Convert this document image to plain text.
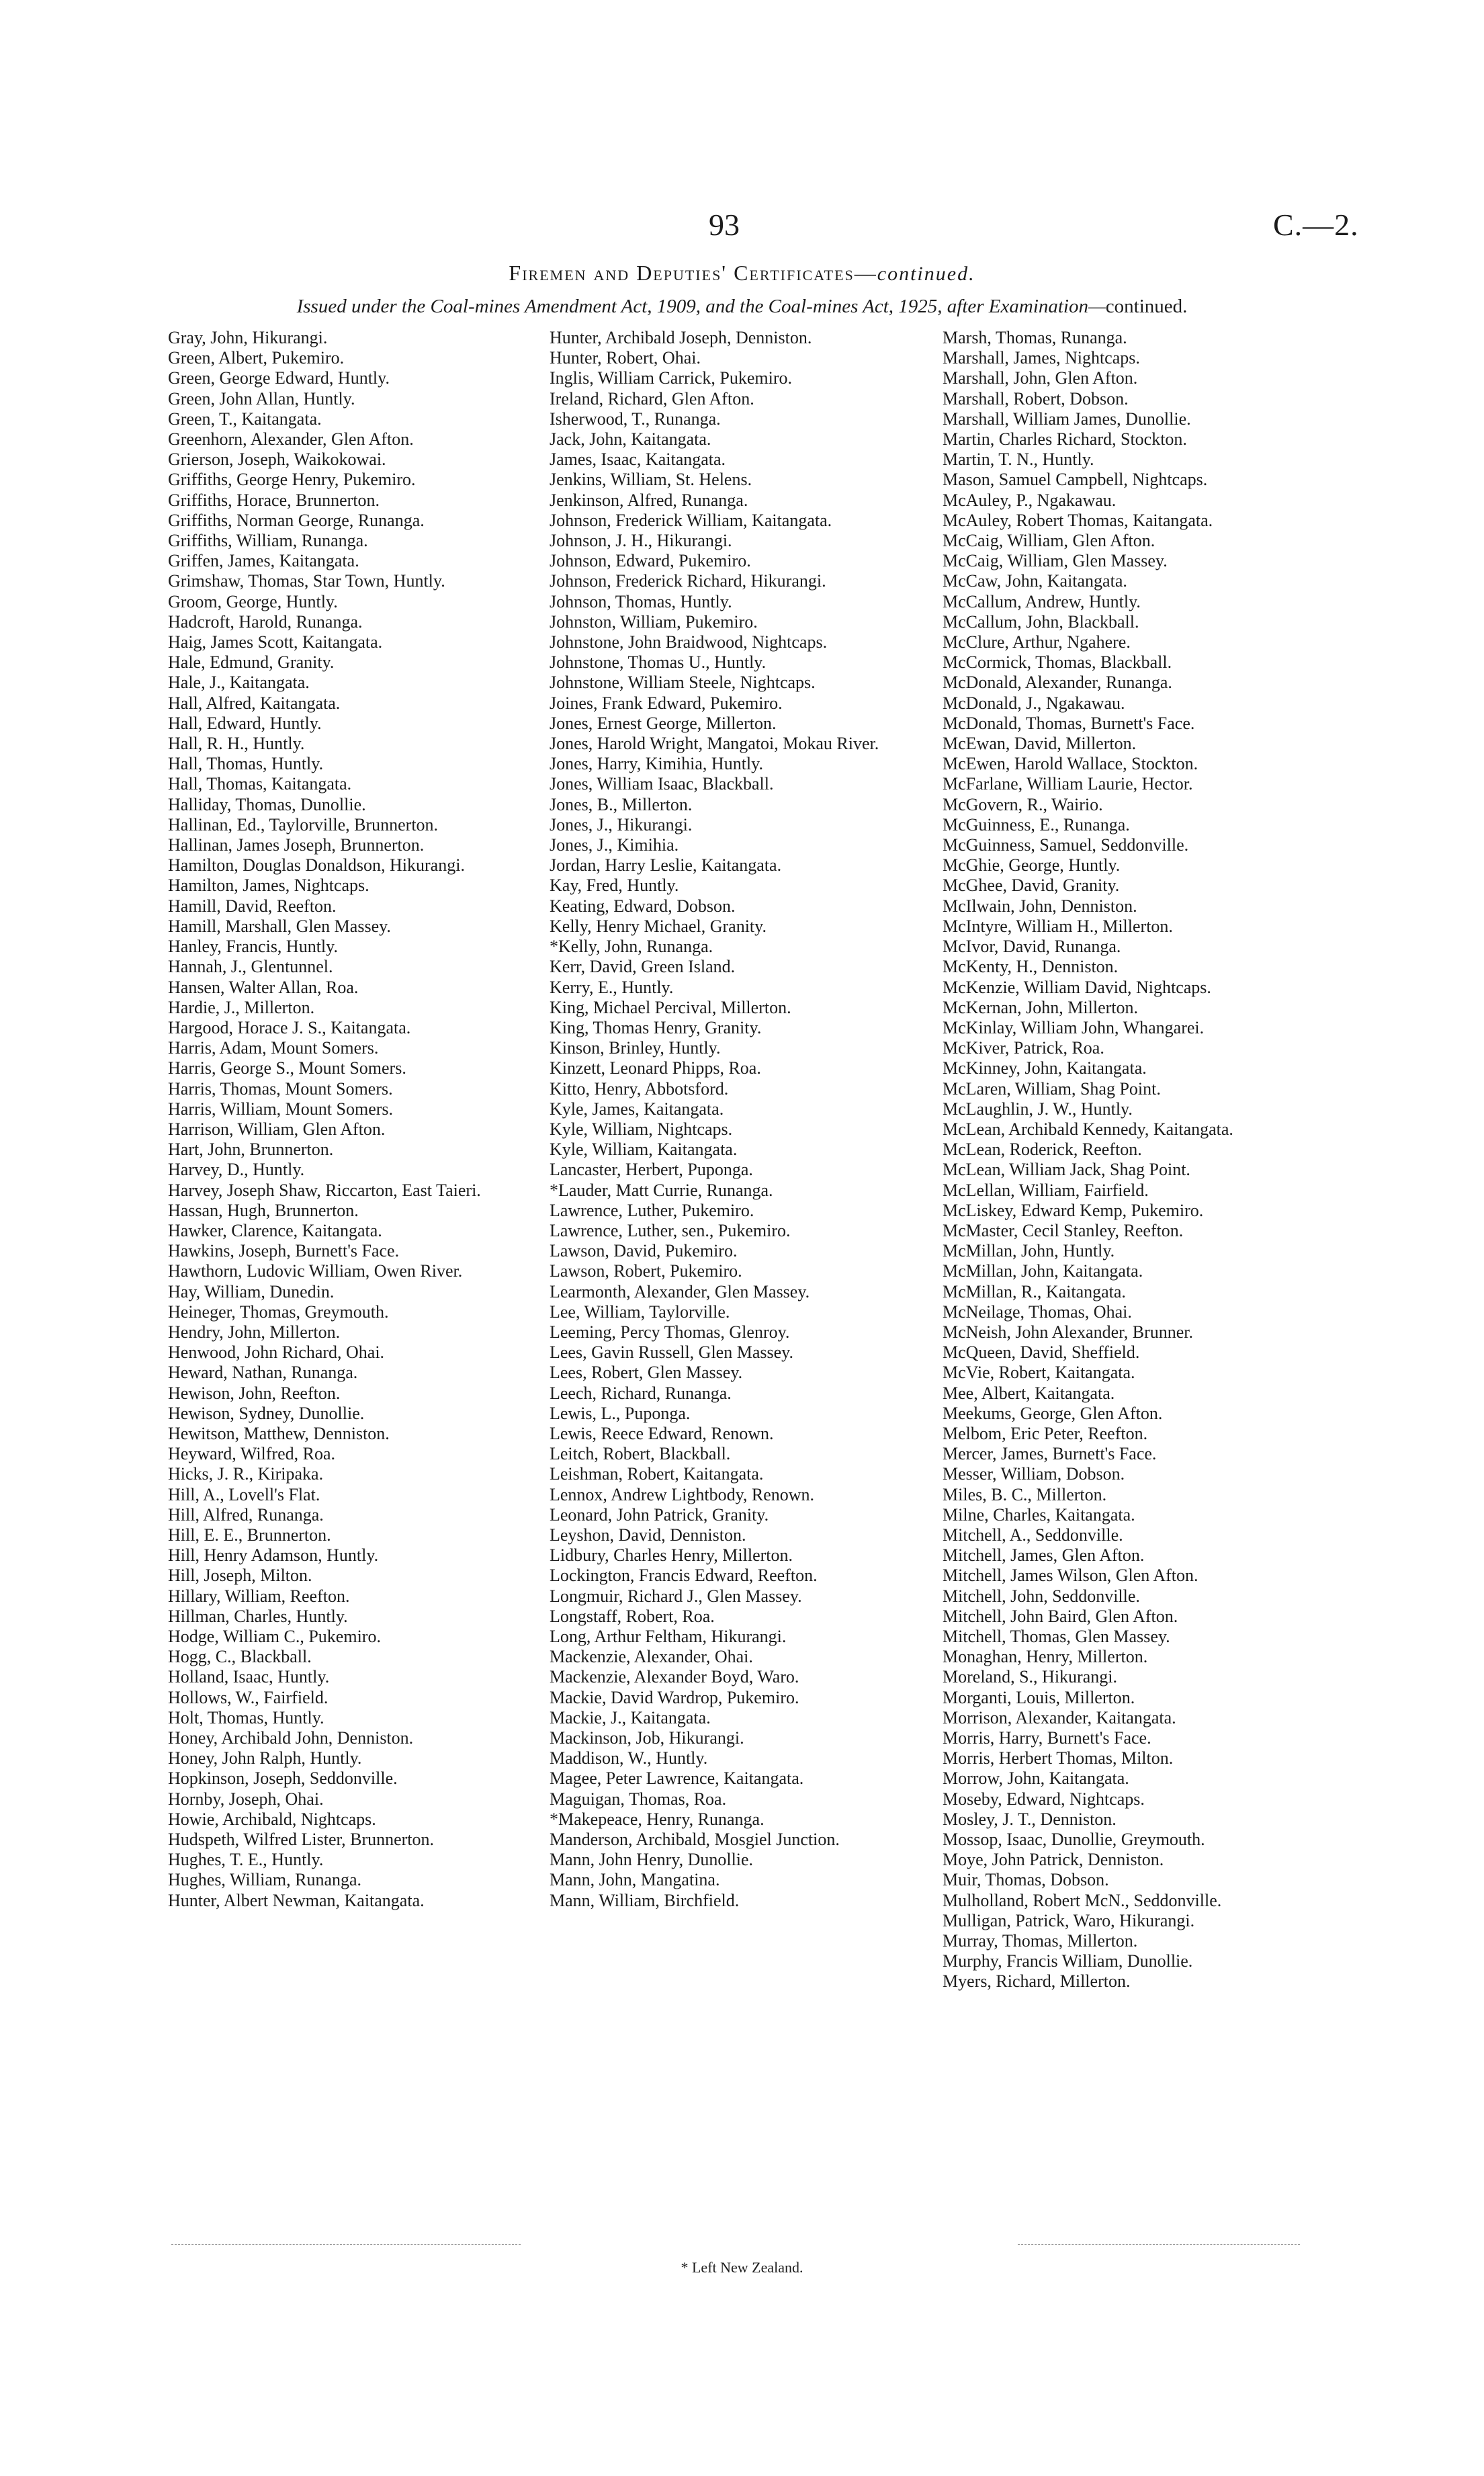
93	C.—2.
Firemen and Deputies' Certificates—continued.
Issued under the Coal-mines Amendment Act, 1909, and the Coal-mines Act, 1925, after Examination—continued.
Gray, John, Hikurangi.
Green, Albert, Pukemiro.
Green, George Edward, Huntly.
Green, John Allan, Huntly.
Green, T., Kaitangata.
Greenhorn, Alexander, Glen Afton.
Grierson, Joseph, Waikokowai.
Griffiths, George Henry, Pukemiro.
Griffiths, Horace, Brunnerton.
Griffiths, Norman George, Runanga.
Griffiths, William, Runanga.
Griffen, James, Kaitangata.
Grimshaw, Thomas, Star Town, Huntly.
Groom, George, Huntly.
Hadcroft, Harold, Runanga.
Haig, James Scott, Kaitangata.
Hale, Edmund, Granity.
Hale, J., Kaitangata.
Hall, Alfred, Kaitangata.
Hall, Edward, Huntly.
Hall, R. H., Huntly.
Hall, Thomas, Huntly.
Hall, Thomas, Kaitangata.
Halliday, Thomas, Dunollie.
Hallinan, Ed., Taylorville, Brunnerton.
Hallinan, James Joseph, Brunnerton.
Hamilton, Douglas Donaldson, Hikurangi.
Hamilton, James, Nightcaps.
Hamill, David, Reefton.
Hamill, Marshall, Glen Massey.
Hanley, Francis, Huntly.
Hannah, J., Glentunnel.
Hansen, Walter Allan, Roa.
Hardie, J., Millerton.
Hargood, Horace J. S., Kaitangata.
Harris, Adam, Mount Somers.
Harris, George S., Mount Somers.
Harris, Thomas, Mount Somers.
Harris, William, Mount Somers.
Harrison, William, Glen Afton.
Hart, John, Brunnerton.
Harvey, D., Huntly.
Harvey, Joseph Shaw, Riccarton, East Taieri.
Hassan, Hugh, Brunnerton.
Hawker, Clarence, Kaitangata.
Hawkins, Joseph, Burnett's Face.
Hawthorn, Ludovic William, Owen River.
Hay, William, Dunedin.
Heineger, Thomas, Greymouth.
Hendry, John, Millerton.
Henwood, John Richard, Ohai.
Heward, Nathan, Runanga.
Hewison, John, Reefton.
Hewison, Sydney, Dunollie.
Hewitson, Matthew, Denniston.
Heyward, Wilfred, Roa.
Hicks, J. R., Kiripaka.
Hill, A., Lovell's Flat.
Hill, Alfred, Runanga.
Hill, E. E., Brunnerton.
Hill, Henry Adamson, Huntly.
Hill, Joseph, Milton.
Hillary, William, Reefton.
Hillman, Charles, Huntly.
Hodge, William C., Pukemiro.
Hogg, C., Blackball.
Holland, Isaac, Huntly.
Hollows, W., Fairfield.
Holt, Thomas, Huntly.
Honey, Archibald John, Denniston.
Honey, John Ralph, Huntly.
Hopkinson, Joseph, Seddonville.
Hornby, Joseph, Ohai.
Howie, Archibald, Nightcaps.
Hudspeth, Wilfred Lister, Brunnerton.
Hughes, T. E., Huntly.
Hughes, William, Runanga.
Hunter, Albert Newman, Kaitangata.
Hunter, Archibald Joseph, Denniston.
Hunter, Robert, Ohai.
Inglis, William Carrick, Pukemiro.
Ireland, Richard, Glen Afton.
Isherwood, T., Runanga.
Jack, John, Kaitangata.
James, Isaac, Kaitangata.
Jenkins, William, St. Helens.
Jenkinson, Alfred, Runanga.
Johnson, Frederick William, Kaitangata.
Johnson, J. H., Hikurangi.
Johnson, Edward, Pukemiro.
Johnson, Frederick Richard, Hikurangi.
Johnson, Thomas, Huntly.
Johnston, William, Pukemiro.
Johnstone, John Braidwood, Nightcaps.
Johnstone, Thomas U., Huntly.
Johnstone, William Steele, Nightcaps.
Joines, Frank Edward, Pukemiro.
Jones, Ernest George, Millerton.
Jones, Harold Wright, Mangatoi, Mokau River.
Jones, Harry, Kimihia, Huntly.
Jones, William Isaac, Blackball.
Jones, B., Millerton.
Jones, J., Hikurangi.
Jones, J., Kimihia.
Jordan, Harry Leslie, Kaitangata.
Kay, Fred, Huntly.
Keating, Edward, Dobson.
Kelly, Henry Michael, Granity.
*Kelly, John, Runanga.
Kerr, David, Green Island.
Kerry, E., Huntly.
King, Michael Percival, Millerton.
King, Thomas Henry, Granity.
Kinson, Brinley, Huntly.
Kinzett, Leonard Phipps, Roa.
Kitto, Henry, Abbotsford.
Kyle, James, Kaitangata.
Kyle, William, Nightcaps.
Kyle, William, Kaitangata.
Lancaster, Herbert, Puponga.
*Lauder, Matt Currie, Runanga.
Lawrence, Luther, Pukemiro.
Lawrence, Luther, sen., Pukemiro.
Lawson, David, Pukemiro.
Lawson, Robert, Pukemiro.
Learmonth, Alexander, Glen Massey.
Lee, William, Taylorville.
Leeming, Percy Thomas, Glenroy.
Lees, Gavin Russell, Glen Massey.
Lees, Robert, Glen Massey.
Leech, Richard, Runanga.
Lewis, L., Puponga.
Lewis, Reece Edward, Renown.
Leitch, Robert, Blackball.
Leishman, Robert, Kaitangata.
Lennox, Andrew Lightbody, Renown.
Leonard, John Patrick, Granity.
Leyshon, David, Denniston.
Lidbury, Charles Henry, Millerton.
Lockington, Francis Edward, Reefton.
Longmuir, Richard J., Glen Massey.
Longstaff, Robert, Roa.
Long, Arthur Feltham, Hikurangi.
Mackenzie, Alexander, Ohai.
Mackenzie, Alexander Boyd, Waro.
Mackie, David Wardrop, Pukemiro.
Mackie, J., Kaitangata.
Mackinson, Job, Hikurangi.
Maddison, W., Huntly.
Magee, Peter Lawrence, Kaitangata.
Maguigan, Thomas, Roa.
*Makepeace, Henry, Runanga.
Manderson, Archibald, Mosgiel Junction.
Mann, John Henry, Dunollie.
Mann, John, Mangatina.
Mann, William, Birchfield.
Marsh, Thomas, Runanga.
Marshall, James, Nightcaps.
Marshall, John, Glen Afton.
Marshall, Robert, Dobson.
Marshall, William James, Dunollie.
Martin, Charles Richard, Stockton.
Martin, T. N., Huntly.
Mason, Samuel Campbell, Nightcaps.
McAuley, P., Ngakawau.
McAuley, Robert Thomas, Kaitangata.
McCaig, William, Glen Afton.
McCaig, William, Glen Massey.
McCaw, John, Kaitangata.
McCallum, Andrew, Huntly.
McCallum, John, Blackball.
McClure, Arthur, Ngahere.
McCormick, Thomas, Blackball.
McDonald, Alexander, Runanga.
McDonald, J., Ngakawau.
McDonald, Thomas, Burnett's Face.
McEwan, David, Millerton.
McEwen, Harold Wallace, Stockton.
McFarlane, William Laurie, Hector.
McGovern, R., Wairio.
McGuinness, E., Runanga.
McGuinness, Samuel, Seddonville.
McGhie, George, Huntly.
McGhee, David, Granity.
McIlwain, John, Denniston.
McIntyre, William H., Millerton.
McIvor, David, Runanga.
McKenty, H., Denniston.
McKenzie, William David, Nightcaps.
McKernan, John, Millerton.
McKinlay, William John, Whangarei.
McKiver, Patrick, Roa.
McKinney, John, Kaitangata.
McLaren, William, Shag Point.
McLaughlin, J. W., Huntly.
McLean, Archibald Kennedy, Kaitangata.
McLean, Roderick, Reefton.
McLean, William Jack, Shag Point.
McLellan, William, Fairfield.
McLiskey, Edward Kemp, Pukemiro.
McMaster, Cecil Stanley, Reefton.
McMillan, John, Huntly.
McMillan, John, Kaitangata.
McMillan, R., Kaitangata.
McNeilage, Thomas, Ohai.
McNeish, John Alexander, Brunner.
McQueen, David, Sheffield.
McVie, Robert, Kaitangata.
Mee, Albert, Kaitangata.
Meekums, George, Glen Afton.
Melbom, Eric Peter, Reefton.
Mercer, James, Burnett's Face.
Messer, William, Dobson.
Miles, B. C., Millerton.
Milne, Charles, Kaitangata.
Mitchell, A., Seddonville.
Mitchell, James, Glen Afton.
Mitchell, James Wilson, Glen Afton.
Mitchell, John, Seddonville.
Mitchell, John Baird, Glen Afton.
Mitchell, Thomas, Glen Massey.
Monaghan, Henry, Millerton.
Moreland, S., Hikurangi.
Morganti, Louis, Millerton.
Morrison, Alexander, Kaitangata.
Morris, Harry, Burnett's Face.
Morris, Herbert Thomas, Milton.
Morrow, John, Kaitangata.
Moseby, Edward, Nightcaps.
Mosley, J. T., Denniston.
Mossop, Isaac, Dunollie, Greymouth.
Moye, John Patrick, Denniston.
Muir, Thomas, Dobson.
Mulholland, Robert McN., Seddonville.
Mulligan, Patrick, Waro, Hikurangi.
Murray, Thomas, Millerton.
Murphy, Francis William, Dunollie.
Myers, Richard, Millerton.
* Left New Zealand.
